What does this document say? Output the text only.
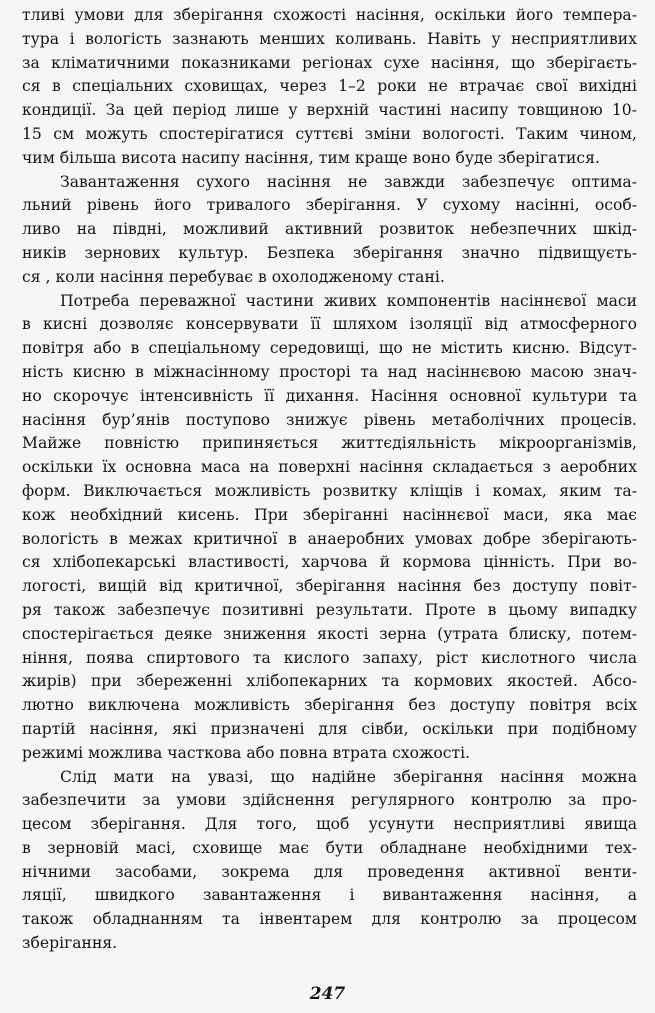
тливі умови для зберігання схожості насіння, оскільки його темпера-
тура і вологість зазнають менших коливань. Навіть у несприятливих
за кліматичними показниками регіонах сухе насіння, що зберігаєть-
ся в спеціальних сховищах, через 1–2 роки не втрачає свої вихідні
кондиції. За цей період лише у верхній частині насипу товщиною 10-
15 см можуть спостерігатися суттєві зміни вологості. Таким чином,
чим більша висота насипу насіння, тим краще воно буде зберігатися.
Завантаження сухого насіння не завжди забезпечує оптима-
льний рівень його тривалого зберігання. У сухому насінні, особ-
ливо на півдні, можливий активний розвиток небезпечних шкід-
ників зернових культур. Безпека зберігання значно підвищуєть-
ся , коли насіння перебуває в охолодженому стані.
Потреба переважної частини живих компонентів насіннєвої маси
в кисні дозволяє консервувати її шляхом ізоляції від атмосферного
повітря або в спеціальному середовищі, що не містить кисню. Відсут-
ність кисню в міжнасінному просторі та над насіннєвою масою знач-
но скорочує інтенсивність її дихання. Насіння основної культури та
насіння бур’янів поступово знижує рівень метаболічних процесів.
Майже повністю припиняється життєдіяльність мікроорганізмів,
оскільки їх основна маса на поверхні насіння складається з аеробних
форм. Виключається можливість розвитку кліщів і комах, яким та-
кож необхідний кисень. При зберіганні насіннєвої маси, яка має
вологість в межах критичної в анаеробних умовах добре зберігають-
ся хлібопекарські властивості, харчова й кормова цінність. При во-
логості, вищій від критичної, зберігання насіння без доступу повіт-
ря також забезпечує позитивні результати. Проте в цьому випадку
спостерігається деяке зниження якості зерна (утрата блиску, потем-
ніння, поява спиртового та кислого запаху, ріст кислотного числа
жирів) при збереженні хлібопекарних та кормових якостей. Абсо-
лютно виключена можливість зберігання без доступу повітря всіх
партій насіння, які призначені для сівби, оскільки при подібному
режимі можлива часткова або повна втрата схожості.
Слід мати на увазі, що надійне зберігання насіння можна
забезпечити за умови здійснення регулярного контролю за про-
цесом зберігання. Для того, щоб усунути несприятливі явища
в зерновій масі, сховище має бути обладнане необхідними тех-
нічними засобами, зокрема для проведення активної венти-
ляції, швидкого завантаження і вивантаження насіння, а
також обладнанням та інвентарем для контролю за процесом
зберігання.
247
